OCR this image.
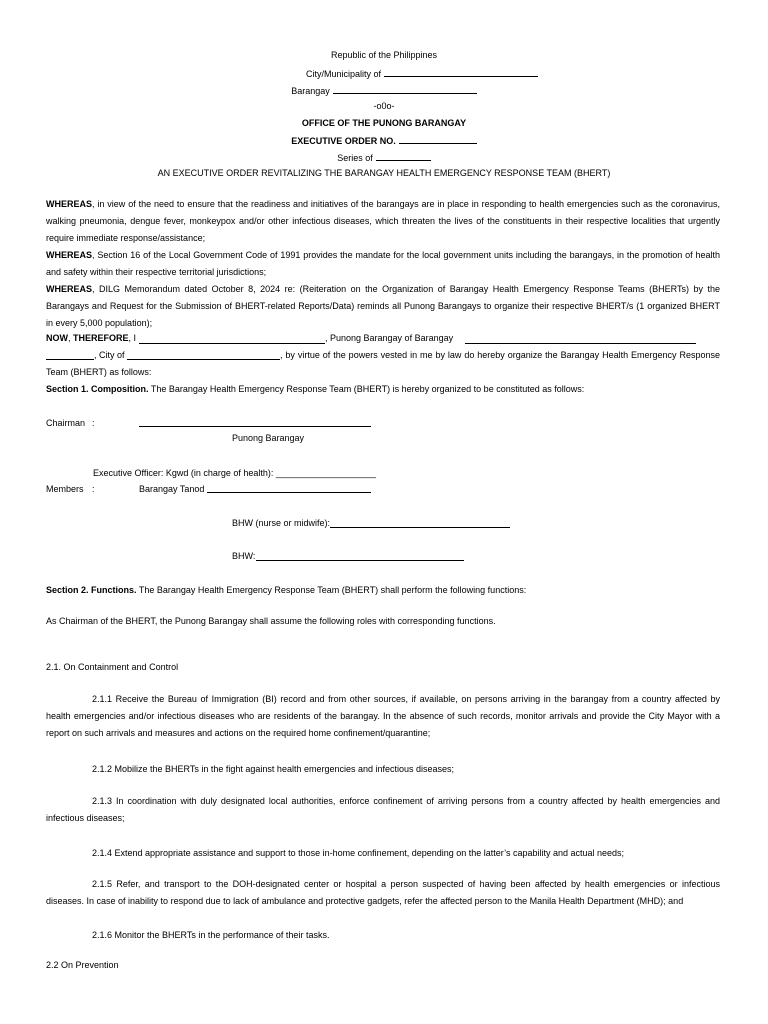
Republic of the Philippines
City/Municipality of
Barangay
-o0o-
OFFICE OF THE PUNONG BARANGAY
EXECUTIVE ORDER NO.
Series of
AN EXECUTIVE ORDER REVITALIZING THE BARANGAY HEALTH EMERGENCY RESPONSE TEAM (BHERT)
WHEREAS, in view of the need to ensure that the readiness and initiatives of the barangays are in place in responding to health emergencies such as the coronavirus, walking pneumonia, dengue fever, monkeypox and/or other infectious diseases, which threaten the lives of the constituents in their respective localities that urgently require immediate response/assistance;
WHEREAS, Section 16 of the Local Government Code of 1991 provides the mandate for the local government units including the barangays, in the promotion of health and safety within their respective territorial jurisdictions;
WHEREAS, DILG Memorandum dated October 8, 2024 re: (Reiteration on the Organization of Barangay Health Emergency Response Teams (BHERTs) by the Barangays and Request for the Submission of BHERT-related Reports/Data) reminds all Punong Barangays to organize their respective BHERT/s (1 organized BHERT in every 5,000 population);
NOW, THEREFORE, I	, Punong Barangay of Barangay
, City of	, by virtue of the powers vested in me by law do hereby organize the Barangay Health Emergency Response
Team (BHERT) as follows:
Section 1. Composition. The Barangay Health Emergency Response Team (BHERT) is hereby organized to be constituted as follows:
Chairman :
Punong Barangay
Executive Officer: Kgwd (in charge of health): ____________________
Members :	Barangay Tanod
BHW (nurse or midwife):
BHW:
Section 2. Functions. The Barangay Health Emergency Response Team (BHERT) shall perform the following functions:
As Chairman of the BHERT, the Punong Barangay shall assume the following roles with corresponding functions.
2.1. On Containment and Control
2.1.1 Receive the Bureau of Immigration (BI) record and from other sources, if available, on persons arriving in the barangay from a country affected by health emergencies and/or infectious diseases who are residents of the barangay. In the absence of such records, monitor arrivals and provide the City Mayor with a report on such arrivals and measures and actions on the required home confinement/quarantine;
2.1.2 Mobilize the BHERTs in the fight against health emergencies and infectious diseases;
2.1.3 In coordination with duly designated local authorities, enforce confinement of arriving persons from a country affected by health emergencies and infectious diseases;
2.1.4 Extend appropriate assistance and support to those in-home confinement, depending on the latter’s capability and actual needs;
2.1.5 Refer, and transport to the DOH-designated center or hospital a person suspected of having been affected by health emergencies or infectious diseases. In case of inability to respond due to lack of ambulance and protective gadgets, refer the affected person to the Manila Health Department (MHD); and
2.1.6 Monitor the BHERTs in the performance of their tasks.
2.2 On Prevention
